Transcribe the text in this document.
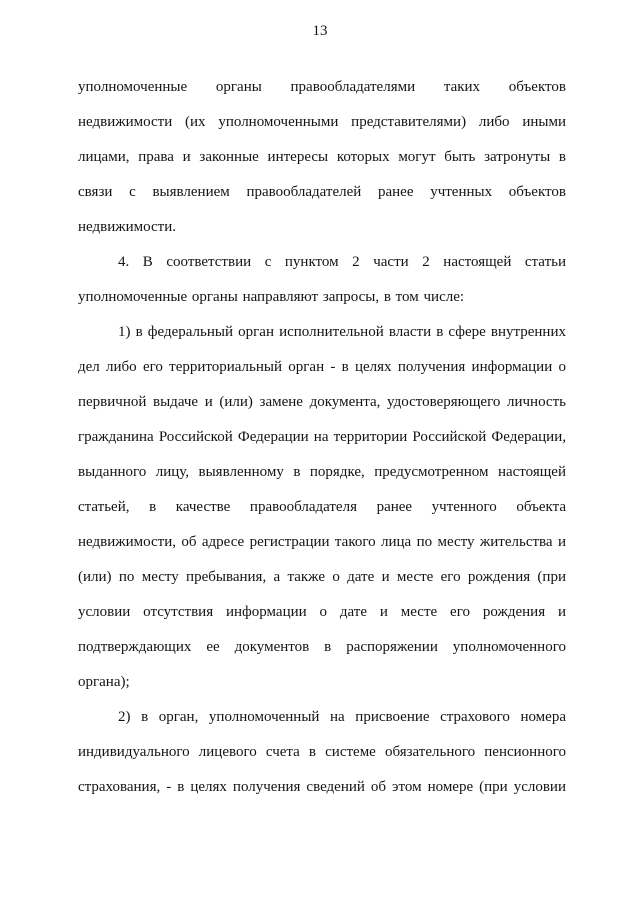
13

уполномоченные органы правообладателями таких объектов недвижимости (их уполномоченными представителями) либо иными лицами, права и законные интересы которых могут быть затронуты в связи с выявлением правообладателей ранее учтенных объектов недвижимости.

4. В соответствии с пунктом 2 части 2 настоящей статьи уполномоченные органы направляют запросы, в том числе:

1) в федеральный орган исполнительной власти в сфере внутренних дел либо его территориальный орган - в целях получения информации о первичной выдаче и (или) замене документа, удостоверяющего личность гражданина Российской Федерации на территории Российской Федерации, выданного лицу, выявленному в порядке, предусмотренном настоящей статьей, в качестве правообладателя ранее учтенного объекта недвижимости, об адресе регистрации такого лица по месту жительства и (или) по месту пребывания, а также о дате и месте его рождения (при условии отсутствия информации о дате и месте его рождения и подтверждающих ее документов в распоряжении уполномоченного органа);

2) в орган, уполномоченный на присвоение страхового номера индивидуального лицевого счета в системе обязательного пенсионного страхования, - в целях получения сведений об этом номере (при условии
